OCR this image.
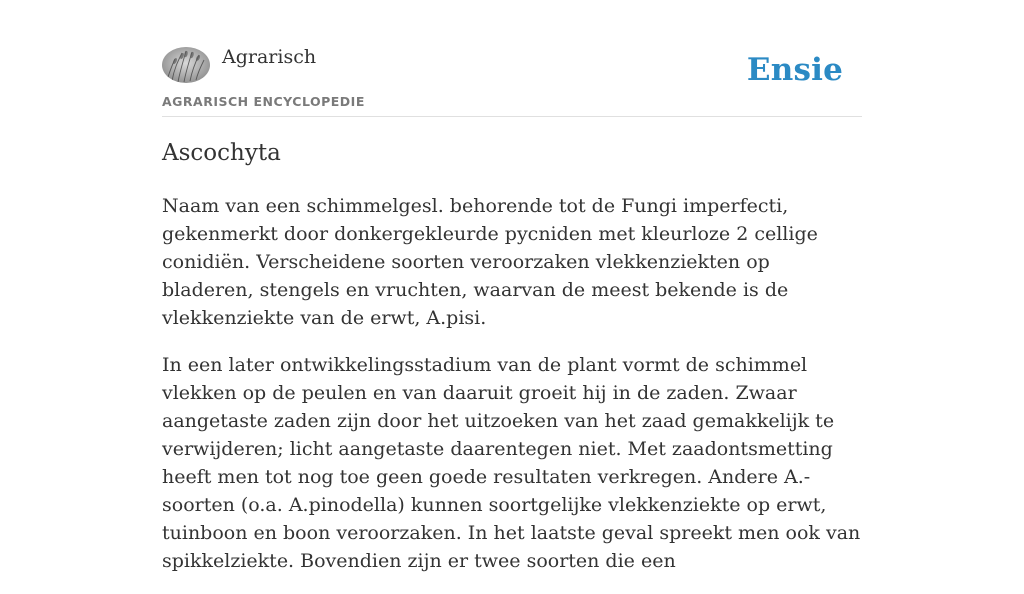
Agrarisch	Ensie
AGRARISCH ENCYCLOPEDIE
Ascochyta

Naam van een schimmelgesl. behorende tot de Fungi imperfecti, gekenmerkt door donkergekleurde pycniden met kleurloze 2 cellige conidiën. Verscheidene soorten veroorzaken vlekkenziekten op bladeren, stengels en vruchten, waarvan de meest bekende is de vlekkenziekte van de erwt, A.pisi.

In een later ontwikkelingsstadium van de plant vormt de schimmel vlekken op de peulen en van daaruit groeit hij in de zaden. Zwaar aangetaste zaden zijn door het uitzoeken van het zaad gemakkelijk te verwijderen; licht aangetaste daarentegen niet. Met zaadontsmetting heeft men tot nog toe geen goede resultaten verkregen. Andere A.-soorten (o.a. A.pinodella) kunnen soortgelijke vlekkenziekte op erwt, tuinboon en boon veroorzaken. In het laatste geval spreekt men ook van spikkelziekte. Bovendien zijn er twee soorten die een
